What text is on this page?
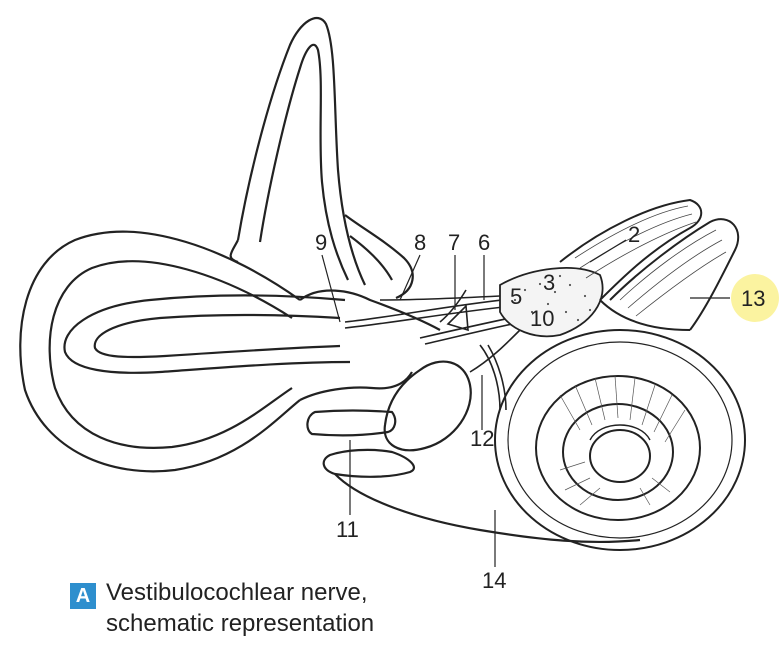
2
3
5
6
7
8
9
10
11
12
13
14
A Vestibulocochlear nerve,
schematic representation
